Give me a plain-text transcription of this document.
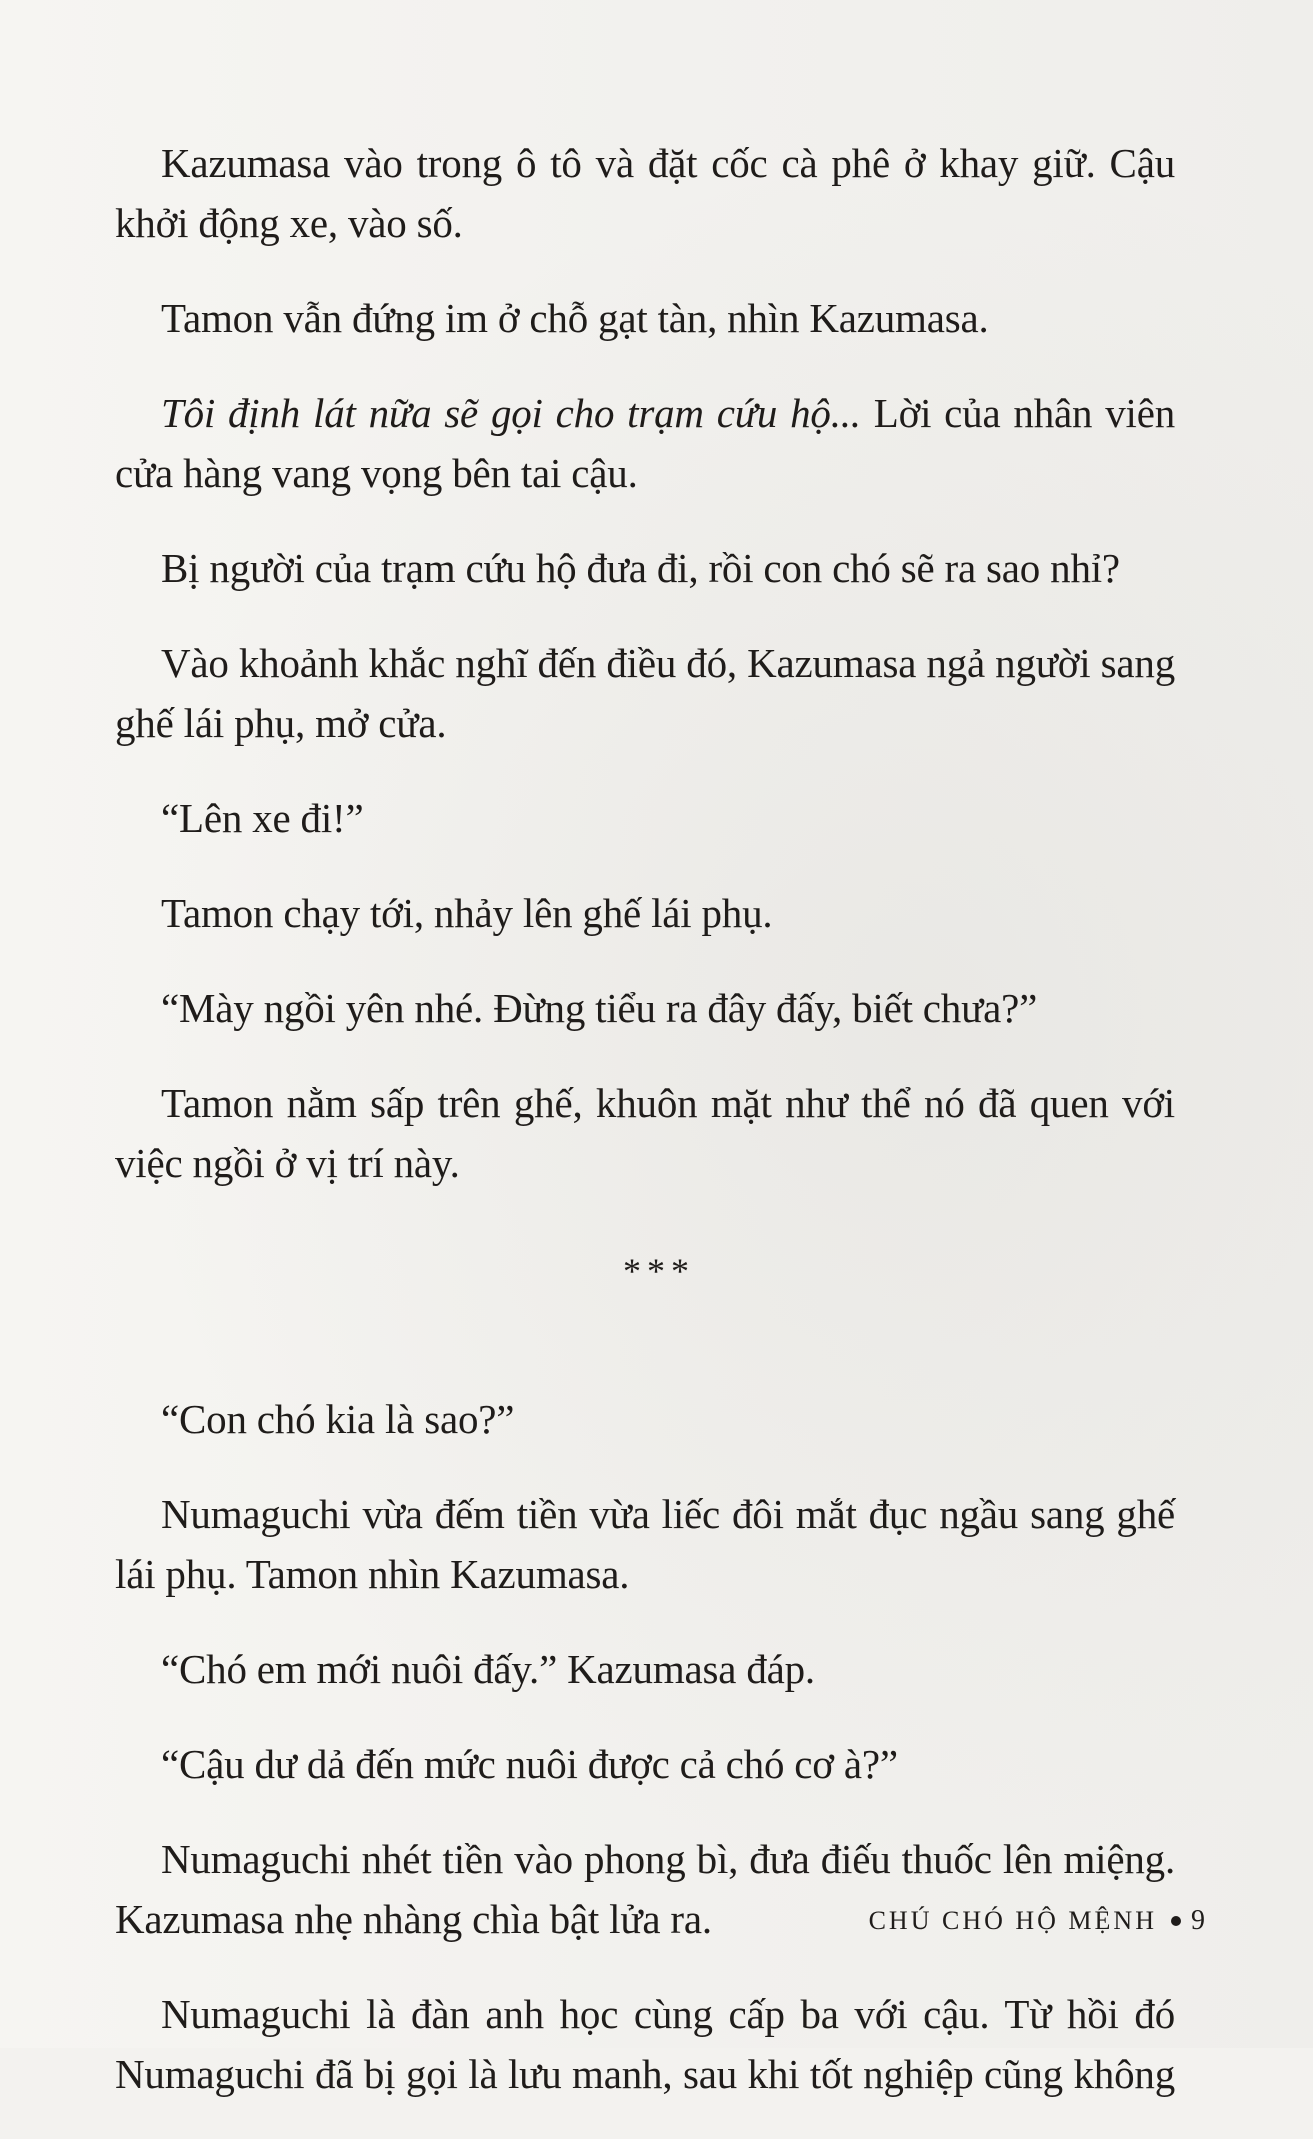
Kazumasa vào trong ô tô và đặt cốc cà phê ở khay giữ. Cậu khởi động xe, vào số.

Tamon vẫn đứng im ở chỗ gạt tàn, nhìn Kazumasa.

Tôi định lát nữa sẽ gọi cho trạm cứu hộ... Lời của nhân viên cửa hàng vang vọng bên tai cậu.

Bị người của trạm cứu hộ đưa đi, rồi con chó sẽ ra sao nhỉ?

Vào khoảnh khắc nghĩ đến điều đó, Kazumasa ngả người sang ghế lái phụ, mở cửa.

“Lên xe đi!”

Tamon chạy tới, nhảy lên ghế lái phụ.

“Mày ngồi yên nhé. Đừng tiểu ra đây đấy, biết chưa?”

Tamon nằm sấp trên ghế, khuôn mặt như thể nó đã quen với việc ngồi ở vị trí này.

***

“Con chó kia là sao?”

Numaguchi vừa đếm tiền vừa liếc đôi mắt đục ngầu sang ghế lái phụ. Tamon nhìn Kazumasa.

“Chó em mới nuôi đấy.” Kazumasa đáp.

“Cậu dư dả đến mức nuôi được cả chó cơ à?”

Numaguchi nhét tiền vào phong bì, đưa điếu thuốc lên miệng. Kazumasa nhẹ nhàng chìa bật lửa ra.

Numaguchi là đàn anh học cùng cấp ba với cậu. Từ hồi đó Numaguchi đã bị gọi là lưu manh, sau khi tốt nghiệp cũng không

CHÚ CHÓ HỘ MỆNH 9
